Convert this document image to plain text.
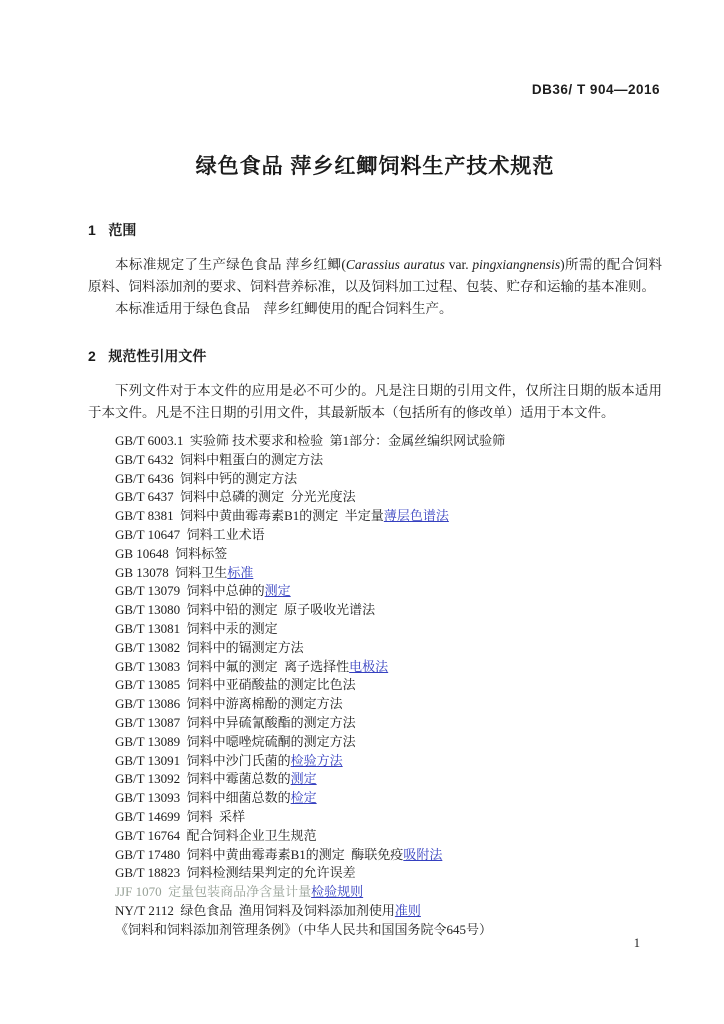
DB36/ T 904—2016
绿色食品 萍乡红鲫饲料生产技术规范
1 范围

本标准规定了生产绿色食品 萍乡红鲫(Carassius auratus var. pingxiangnensis)所需的配合饲料原料、饲料添加剂的要求、饲料营养标准，以及饲料加工过程、包装、贮存和运输的基本准则。

本标准适用于绿色食品　萍乡红鲫使用的配合饲料生产。

2 规范性引用文件

下列文件对于本文件的应用是必不可少的。凡是注日期的引用文件，仅所注日期的版本适用于本文件。凡是不注日期的引用文件，其最新版本（包括所有的修改单）适用于本文件。

GB/T 6003.1  实验筛 技术要求和检验  第1部分：金属丝编织网试验筛
GB/T 6432  饲料中粗蛋白的测定方法
GB/T 6436  饲料中钙的测定方法
GB/T 6437  饲料中总磷的测定  分光光度法
GB/T 8381  饲料中黄曲霉毒素B1的测定  半定量薄层色谱法
GB/T 10647  饲料工业术语
GB 10648  饲料标签
GB 13078  饲料卫生标准
GB/T 13079  饲料中总砷的测定
GB/T 13080  饲料中铅的测定  原子吸收光谱法
GB/T 13081  饲料中汞的测定
GB/T 13082  饲料中的镉测定方法
GB/T 13083  饲料中氟的测定  离子选择性电极法
GB/T 13085  饲料中亚硝酸盐的测定比色法
GB/T 13086  饲料中游离棉酚的测定方法
GB/T 13087  饲料中异硫氰酸酯的测定方法
GB/T 13089  饲料中噁唑烷硫酮的测定方法
GB/T 13091  饲料中沙门氏菌的检验方法
GB/T 13092  饲料中霉菌总数的测定
GB/T 13093  饲料中细菌总数的检定
GB/T 14699  饲料  采样
GB/T 16764  配合饲料企业卫生规范
GB/T 17480  饲料中黄曲霉毒素B1的测定  酶联免疫吸附法
GB/T 18823  饲料检测结果判定的允许误差
JJF 1070  定量包装商品净含量计量检验规则
NY/T 2112  绿色食品  渔用饲料及饲料添加剂使用准则
《饲料和饲料添加剂管理条例》（中华人民共和国国务院令645号）
1
